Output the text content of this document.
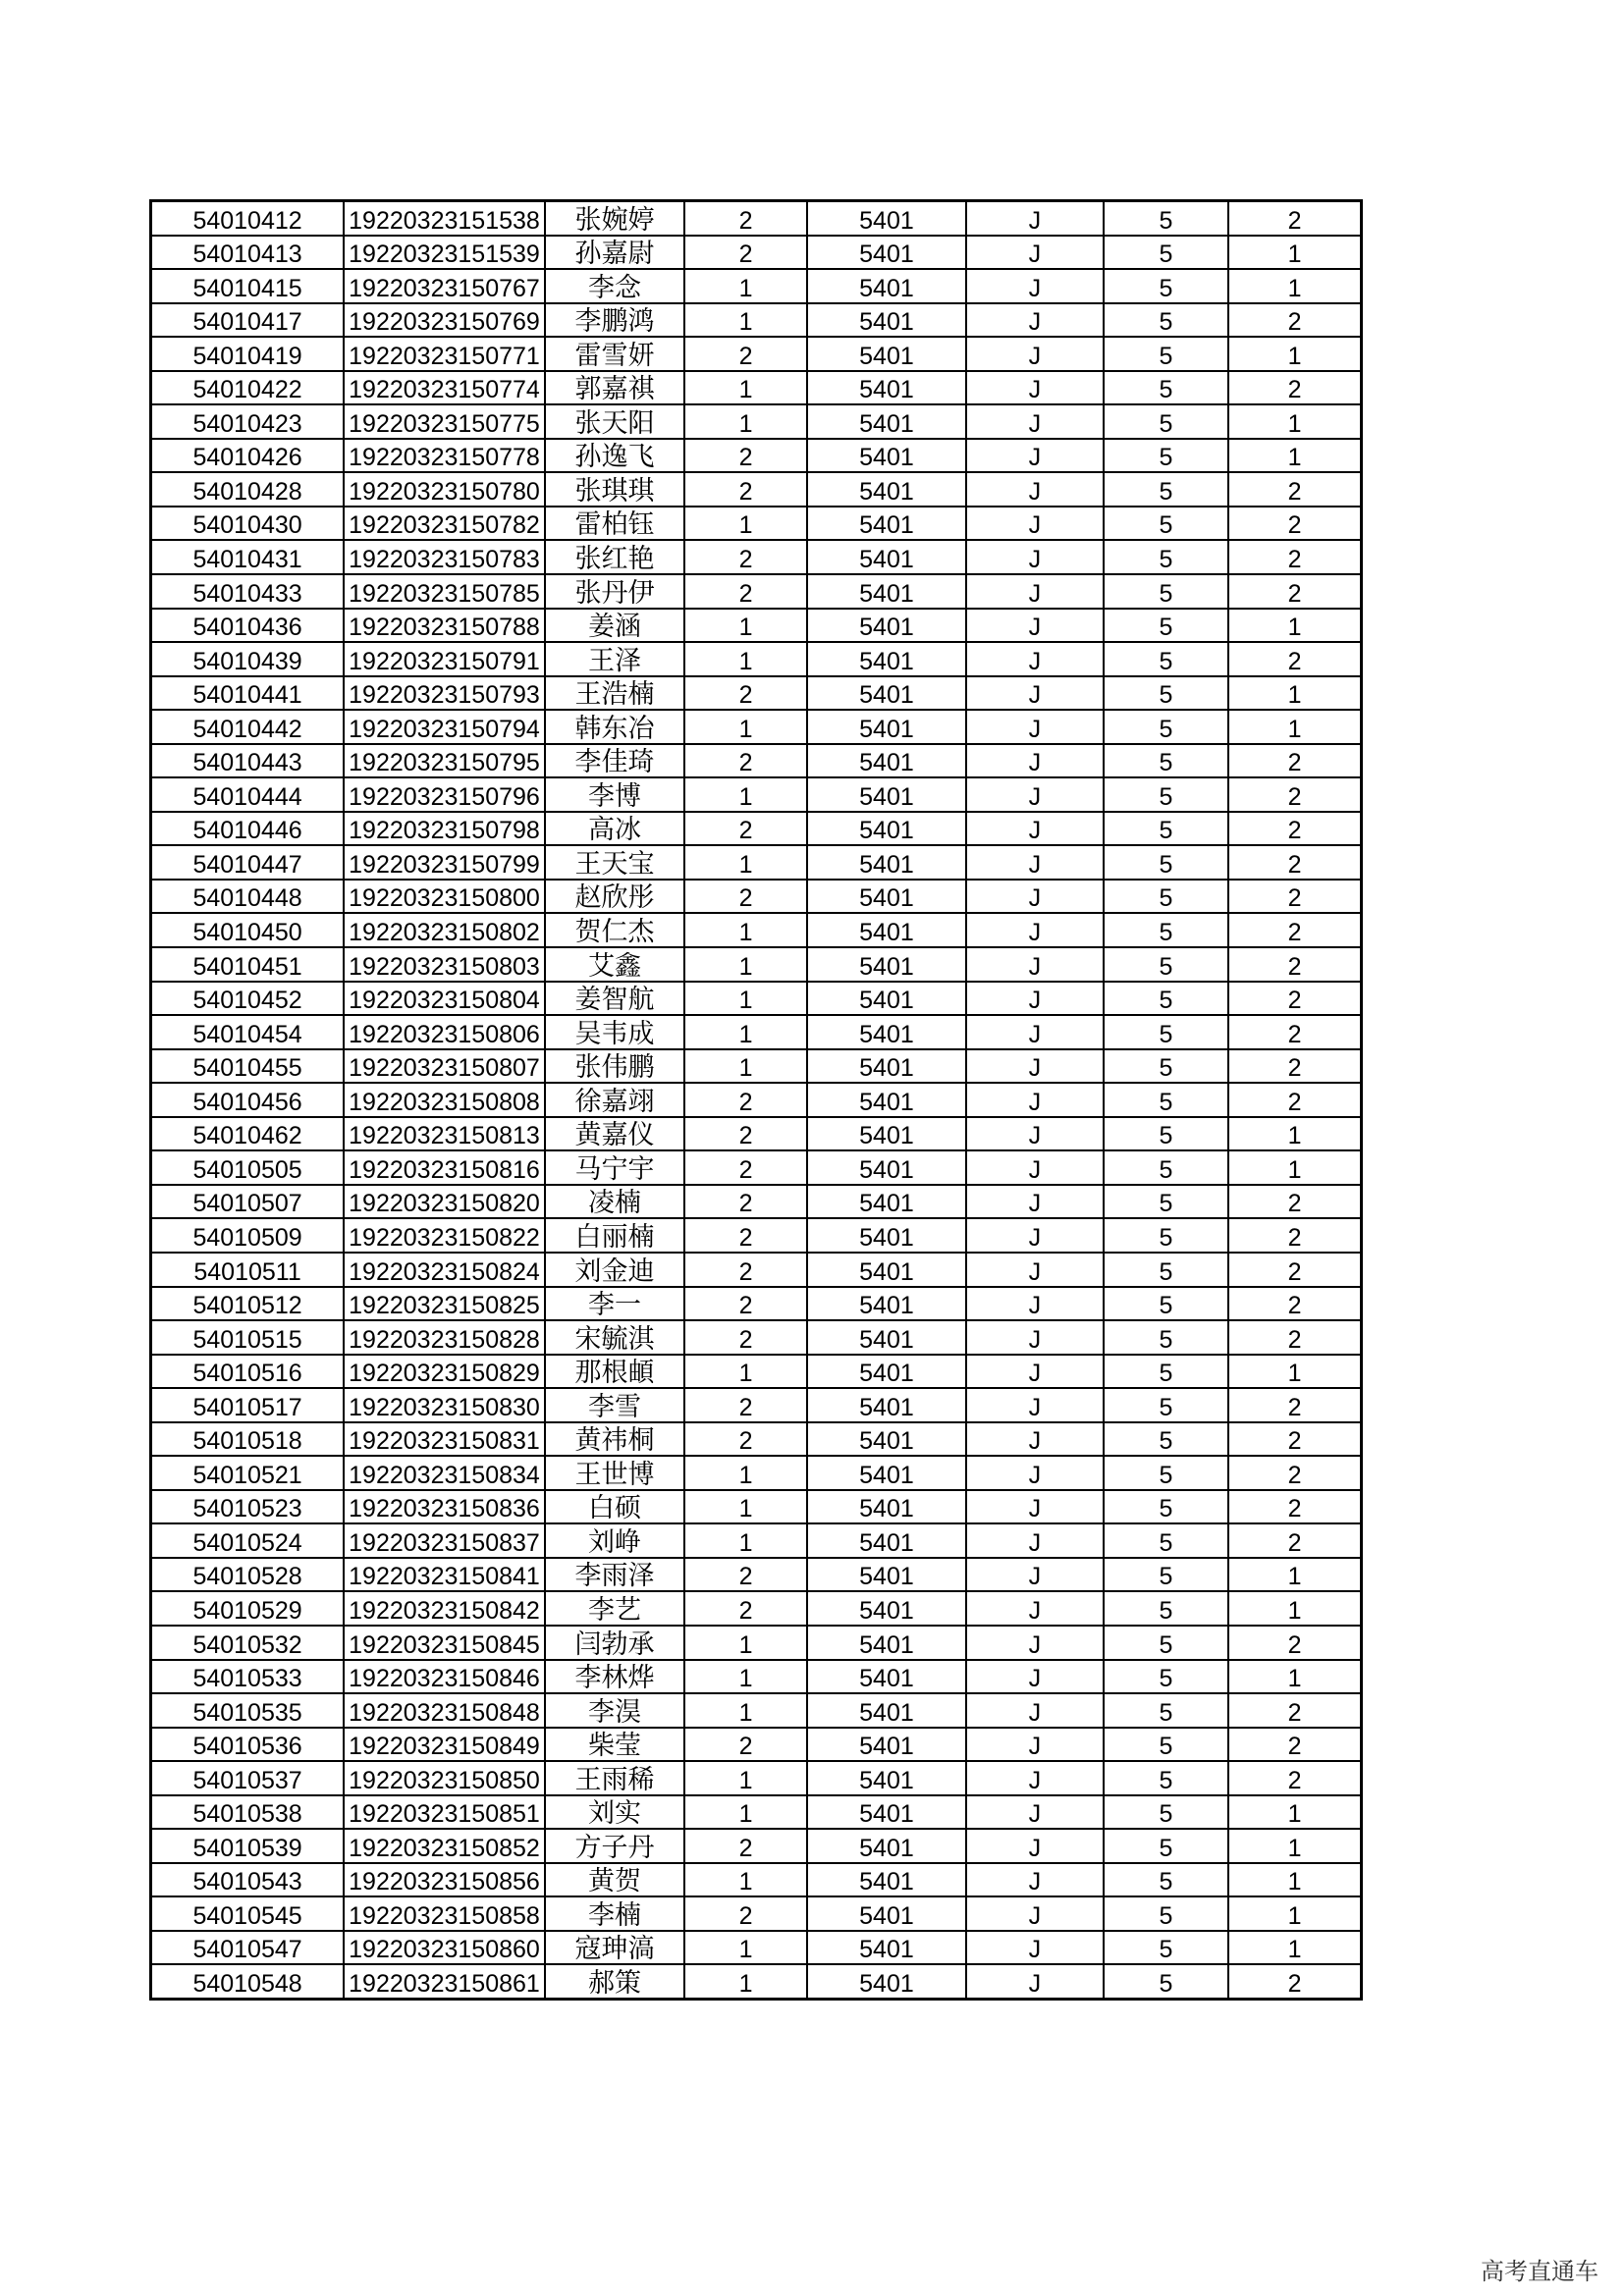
54010412	19220323151538	张婉婷	2	5401	J	5	2
54010413	19220323151539	孙嘉尉	2	5401	J	5	1
54010415	19220323150767	李念	1	5401	J	5	1
54010417	19220323150769	李鹏鸿	1	5401	J	5	2
54010419	19220323150771	雷雪妍	2	5401	J	5	1
54010422	19220323150774	郭嘉祺	1	5401	J	5	2
54010423	19220323150775	张天阳	1	5401	J	5	1
54010426	19220323150778	孙逸飞	2	5401	J	5	1
54010428	19220323150780	张琪琪	2	5401	J	5	2
54010430	19220323150782	雷柏钰	1	5401	J	5	2
54010431	19220323150783	张红艳	2	5401	J	5	2
54010433	19220323150785	张丹伊	2	5401	J	5	2
54010436	19220323150788	姜涵	1	5401	J	5	1
54010439	19220323150791	王泽	1	5401	J	5	2
54010441	19220323150793	王浩楠	2	5401	J	5	1
54010442	19220323150794	韩东冶	1	5401	J	5	1
54010443	19220323150795	李佳琦	2	5401	J	5	2
54010444	19220323150796	李博	1	5401	J	5	2
54010446	19220323150798	高冰	2	5401	J	5	2
54010447	19220323150799	王天宝	1	5401	J	5	2
54010448	19220323150800	赵欣彤	2	5401	J	5	2
54010450	19220323150802	贺仁杰	1	5401	J	5	2
54010451	19220323150803	艾鑫	1	5401	J	5	2
54010452	19220323150804	姜智航	1	5401	J	5	2
54010454	19220323150806	吴韦成	1	5401	J	5	2
54010455	19220323150807	张伟鹏	1	5401	J	5	2
54010456	19220323150808	徐嘉翊	2	5401	J	5	2
54010462	19220323150813	黄嘉仪	2	5401	J	5	1
54010505	19220323150816	马宁宇	2	5401	J	5	1
54010507	19220323150820	凌楠	2	5401	J	5	2
54010509	19220323150822	白丽楠	2	5401	J	5	2
54010511	19220323150824	刘金迪	2	5401	J	5	2
54010512	19220323150825	李一	2	5401	J	5	2
54010515	19220323150828	宋毓淇	2	5401	J	5	2
54010516	19220323150829	那根頔	1	5401	J	5	1
54010517	19220323150830	李雪	2	5401	J	5	2
54010518	19220323150831	黄祎桐	2	5401	J	5	2
54010521	19220323150834	王世博	1	5401	J	5	2
54010523	19220323150836	白硕	1	5401	J	5	2
54010524	19220323150837	刘峥	1	5401	J	5	2
54010528	19220323150841	李雨泽	2	5401	J	5	1
54010529	19220323150842	李艺	2	5401	J	5	1
54010532	19220323150845	闫勃承	1	5401	J	5	2
54010533	19220323150846	李林烨	1	5401	J	5	1
54010535	19220323150848	李淏	1	5401	J	5	2
54010536	19220323150849	柴莹	2	5401	J	5	2
54010537	19220323150850	王雨稀	1	5401	J	5	2
54010538	19220323150851	刘实	1	5401	J	5	1
54010539	19220323150852	方子丹	2	5401	J	5	1
54010543	19220323150856	黄贺	1	5401	J	5	1
54010545	19220323150858	李楠	2	5401	J	5	1
54010547	19220323150860	寇珅滈	1	5401	J	5	1
54010548	19220323150861	郝策	1	5401	J	5	2
高考直通车
